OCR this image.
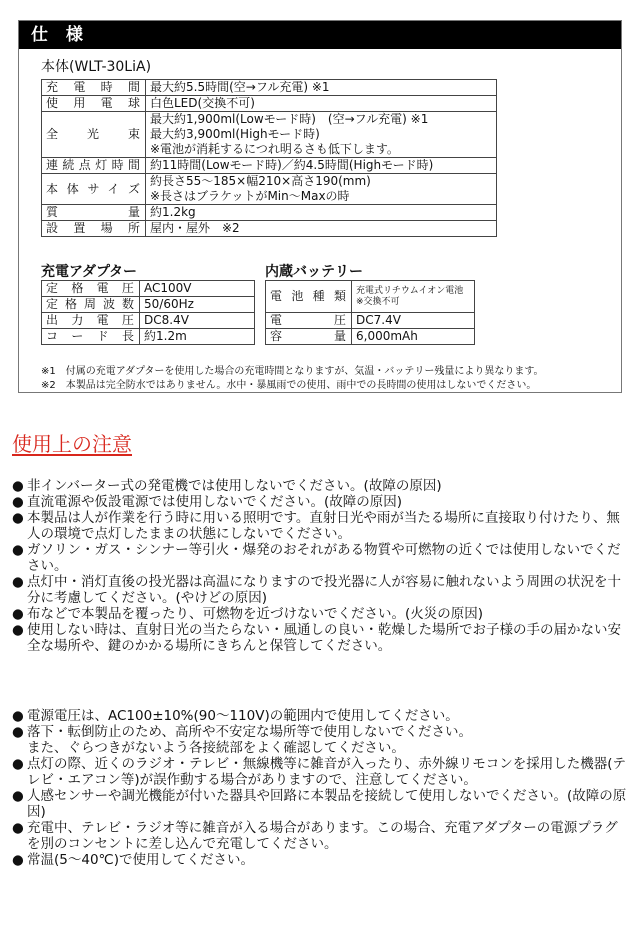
仕 様
本体(WLT-30LiA)
充電時間	最大約5.5時間(空→フル充電) ※1

使用電球	白色LED(交換不可)

全光束	最大約1,900ml(Lowモード時)　(空→フル充電) ※1
最大約3,900ml(Highモード時)
※電池が消耗するにつれ明るさも低下します。

連続点灯時間	約11時間(Lowモード時)／約4.5時間(Highモード時)

本体サイズ	約長さ55～185×幅210×高さ190(mm)
※長さはブラケットがMin～Maxの時

質量	約1.2kg

設置場所	屋内・屋外　※2
充電アダプター
定格電圧	AC100V
定格周波数	50/60Hz
出力電圧	DC8.4V
コード長	約1.2m
内蔵バッテリー
電池種類	充電式リチウムイオン電池
※交換不可

電圧	DC7.4V
容量	6,000mAh
※1　付属の充電アダプターを使用した場合の充電時間となりますが、気温・バッテリー残量により異なります。
※2　本製品は完全防水ではありません。水中・暴風雨での使用、雨中での長時間の使用はしないでください。
使用上の注意
● 非インバーター式の発電機では使用しないでください。(故障の原因)
● 直流電源や仮設電源では使用しないでください。(故障の原因)
● 本製品は人が作業を行う時に用いる照明です。直射日光や雨が当たる場所に直接取り付けたり、無人の環境で点灯したままの状態にしないでください。
● ガソリン・ガス・シンナー等引火・爆発のおそれがある物質や可燃物の近くでは使用しないでください。
● 点灯中・消灯直後の投光器は高温になりますので投光器に人が容易に触れないよう周囲の状況を十分に考慮してください。(やけどの原因)
● 布などで本製品を覆ったり、可燃物を近づけないでください。(火災の原因)
● 使用しない時は、直射日光の当たらない・風通しの良い・乾燥した場所でお子様の手の届かない安全な場所や、鍵のかかる場所にきちんと保管してください。
● 電源電圧は、AC100±10%(90～110V)の範囲内で使用してください。
● 落下・転倒防止のため、高所や不安定な場所等で使用しないでください。
また、ぐらつきがないよう各接続部をよく確認してください。
● 点灯の際、近くのラジオ・テレビ・無線機等に雑音が入ったり、赤外線リモコンを採用した機器(テレビ・エアコン等)が誤作動する場合がありますので、注意してください。
● 人感センサーや調光機能が付いた器具や回路に本製品を接続して使用しないでください。(故障の原因)
● 充電中、テレビ・ラジオ等に雑音が入る場合があります。この場合、充電アダプターの電源プラグを別のコンセントに差し込んで充電してください。
● 常温(5～40℃)で使用してください。
